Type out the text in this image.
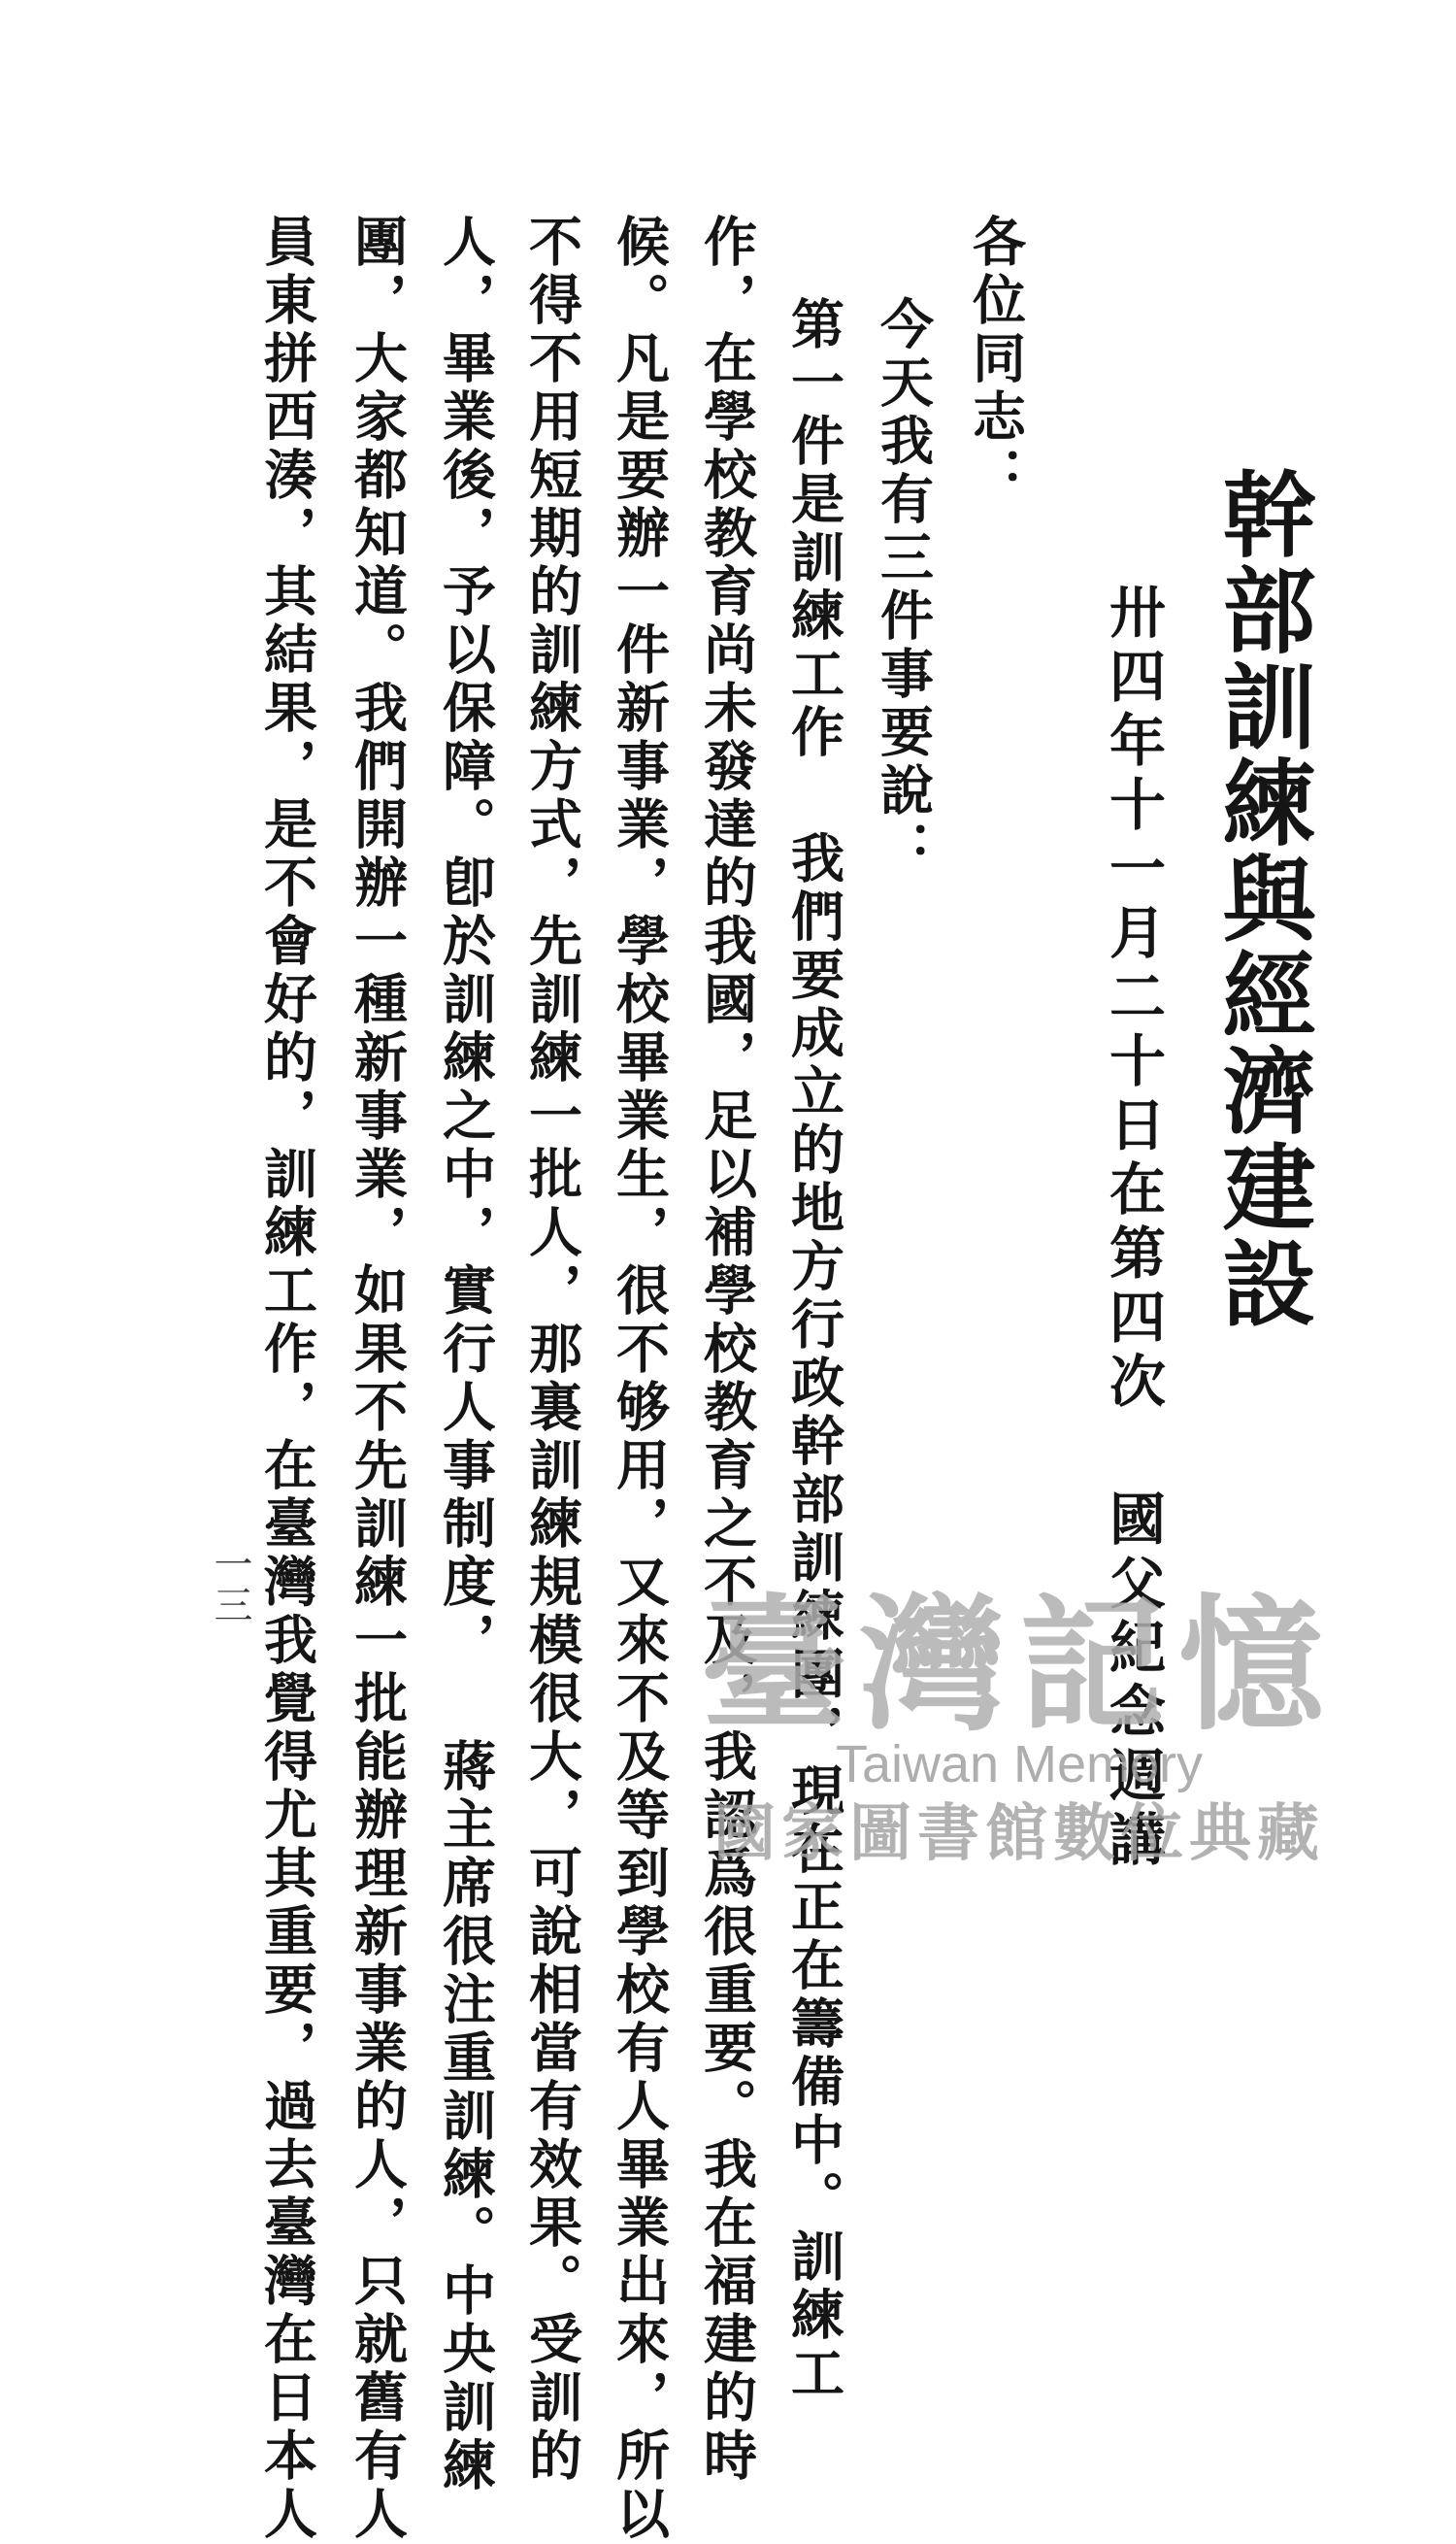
幹部訓練與經濟建設

卅四年十一月二十日在第四次 國父紀念週講

各位同志：

今天我有三件事要說：

第一件是訓練工作 我們要成立的地方行政幹部訓練團，現在正在籌備中。訓練工

作，在學校教育尚未發達的我國，足以補學校教育之不及，我認爲很重要。我在福建的時

候。凡是要辦一件新事業，學校畢業生，很不够用，又來不及等到學校有人畢業出來，所以

不得不用短期的訓練方式，先訓練一批人，那裏訓練規模很大，可說相當有效果。受訓的

人，畢業後，予以保障。卽於訓練之中，實行人事制度， 蔣主席很注重訓練。中央訓練

團，大家都知道。我們開辦一種新事業，如果不先訓練一批能辦理新事業的人，只就舊有人

員東拼西湊，其結果，是不會好的，訓練工作，在臺灣我覺得尤其重要，過去臺灣在日本人

一三	臺灣記憶
Taiwan Memory
國家圖書館數位典藏
